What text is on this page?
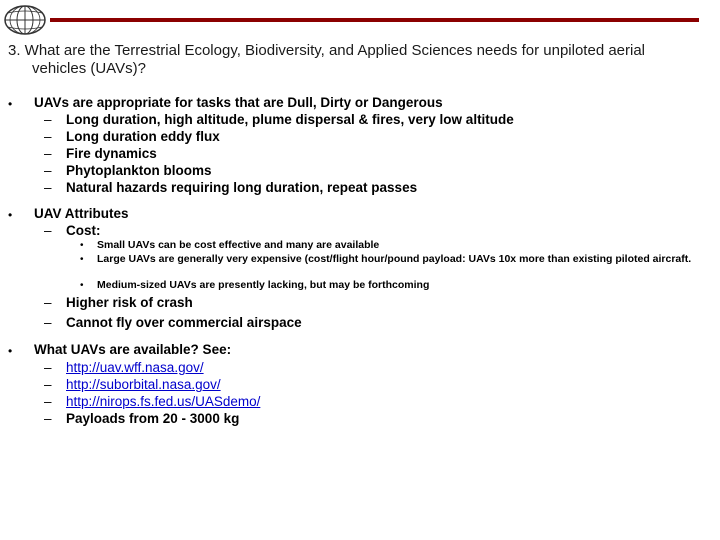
3. What are the Terrestrial Ecology, Biodiversity, and Applied Sciences needs for unpiloted aerial
vehicles (UAVs)?
• UAVs are appropriate for tasks that are Dull, Dirty or Dangerous
– Long duration, high altitude, plume dispersal & fires, very low altitude
– Long duration eddy flux
– Fire dynamics
– Phytoplankton blooms
– Natural hazards requiring long duration, repeat passes
• UAV Attributes
– Cost:
• Small UAVs can be cost effective and many are available
• Large UAVs are generally very expensive (cost/flight hour/pound payload: UAVs 10x more than existing piloted aircraft.
• Medium-sized UAVs are presently lacking, but may be forthcoming
– Higher risk of crash
– Cannot fly over commercial airspace
• What UAVs are available? See:
– http://uav.wff.nasa.gov/
– http://suborbital.nasa.gov/
– http://nirops.fs.fed.us/UASdemo/
– Payloads from 20 - 3000 kg
